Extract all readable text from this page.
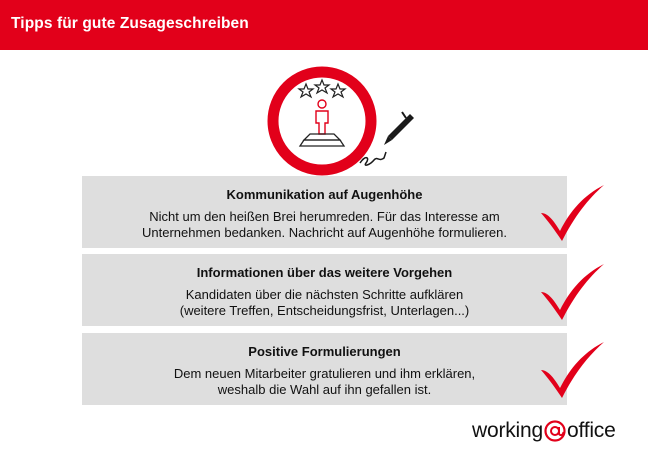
Tipps für gute Zusageschreiben
Kommunikation auf Augenhöhe
Nicht um den heißen Brei herumreden. Für das Interesse am
Unternehmen bedanken. Nachricht auf Augenhöhe formulieren.
Informationen über das weitere Vorgehen
Kandidaten über die nächsten Schritte aufklären
(weitere Treffen, Entscheidungsfrist, Unterlagen...)
Positive Formulierungen
Dem neuen Mitarbeiter gratulieren und ihm erklären,
weshalb die Wahl auf ihn gefallen ist.
working office
